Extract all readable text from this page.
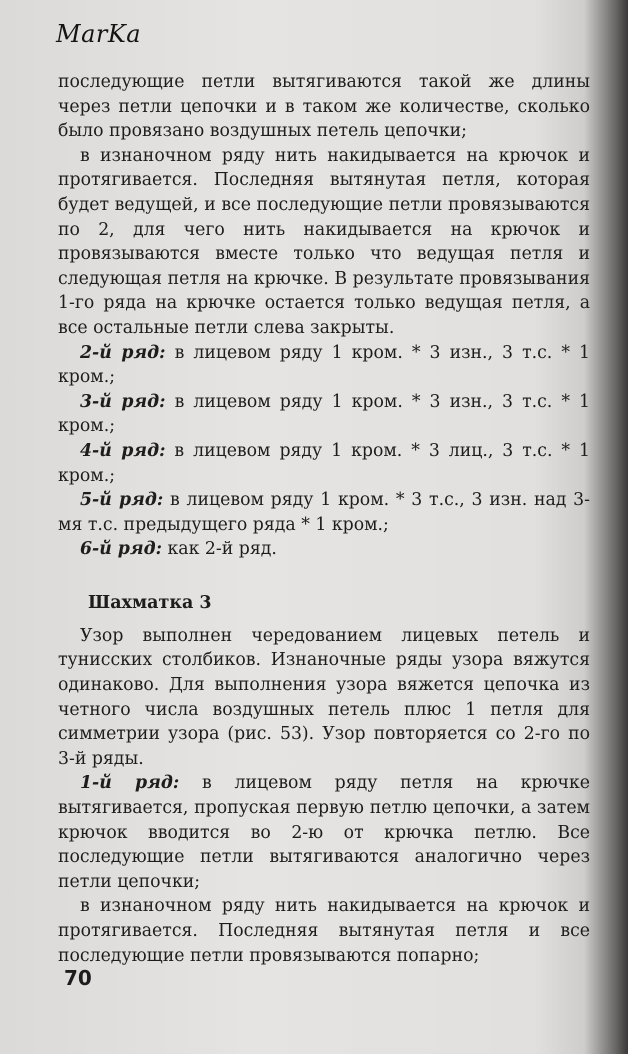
MarKa

последующие петли вытягиваются такой же длины через петли цепочки и в таком же количестве, сколько было провязано воздушных петель цепочки;

в изнаночном ряду нить накидывается на крючок и протягивается. Последняя вытянутая петля, которая будет ведущей, и все последующие петли провязываются по 2, для чего нить накидывается на крючок и провязываются вместе только что ведущая петля и следующая петля на крючке. В результате провязывания 1-го ряда на крючке остается только ведущая петля, а все остальные петли слева закрыты.

2-й ряд: в лицевом ряду 1 кром. * 3 изн., 3 т.с. * 1 кром.;

3-й ряд: в лицевом ряду 1 кром. * 3 изн., 3 т.с. * 1 кром.;

4-й ряд: в лицевом ряду 1 кром. * 3 лиц., 3 т.с. * 1 кром.;

5-й ряд: в лицевом ряду 1 кром. * 3 т.с., 3 изн. над 3-мя т.с. предыдущего ряда * 1 кром.;

6-й ряд: как 2-й ряд.

Шахматка 3

Узор выполнен чередованием лицевых петель и тунисских столбиков. Изнаночные ряды узора вяжутся одинаково. Для выполнения узора вяжется цепочка из четного числа воздушных петель плюс 1 петля для симметрии узора (рис. 53). Узор повторяется со 2-го по 3-й ряды.

1-й ряд: в лицевом ряду петля на крючке вытягивается, пропуская первую петлю цепочки, а затем крючок вводится во 2-ю от крючка петлю. Все последующие петли вытягиваются аналогично через петли цепочки;

в изнаночном ряду нить накидывается на крючок и протягивается. Последняя вытянутая петля и все последующие петли провязываются попарно;

70
